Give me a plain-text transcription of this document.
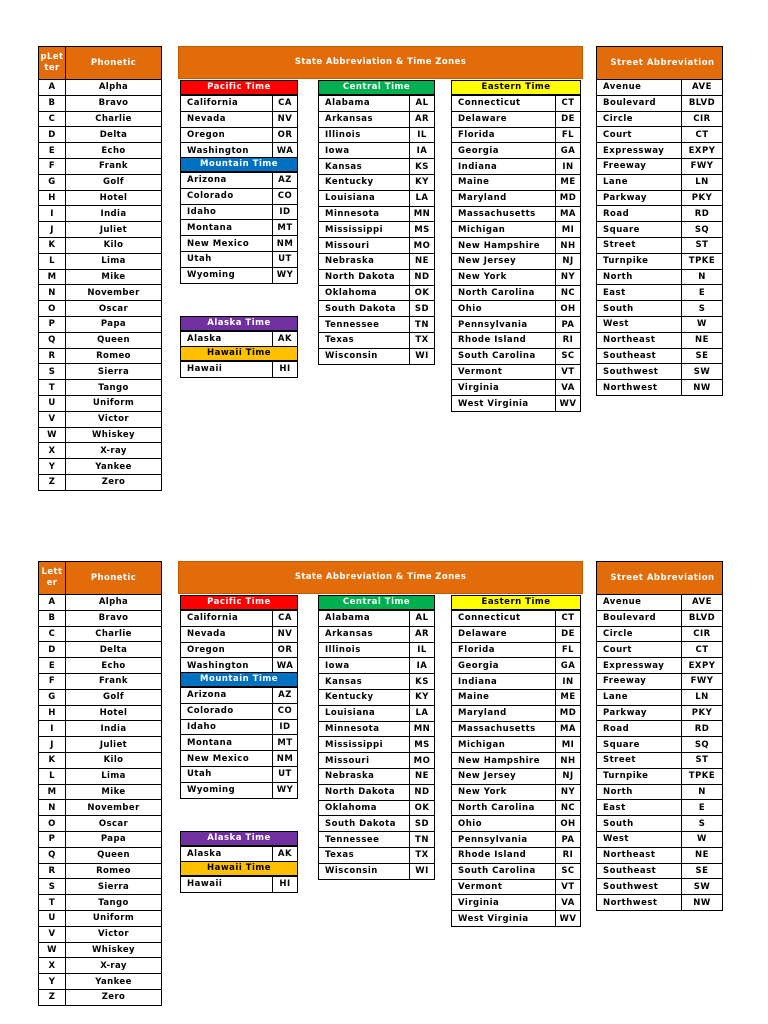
pLetter	Phonetic
A	Alpha
B	Bravo
C	Charlie
D	Delta
E	Echo
F	Frank
G	Golf
H	Hotel
I	India
J	Juliet
K	Kilo
L	Lima
M	Mike
N	November
O	Oscar
P	Papa
Q	Queen
R	Romeo
S	Sierra
T	Tango
U	Uniform
V	Victor
W	Whiskey
X	X-ray
Y	Yankee
Z	Zero
State Abbreviation & Time Zones
Pacific Time
California	CA
Nevada	NV
Oregon	OR
Washington	WA
Mountain Time
Arizona	AZ
Colorado	CO
Idaho	ID
Montana	MT
New Mexico	NM
Utah	UT
Wyoming	WY
Alaska Time
Alaska	AK
Hawaii Time
Hawaii	HI
Central Time
Alabama	AL
Arkansas	AR
Illinois	IL
Iowa	IA
Kansas	KS
Kentucky	KY
Louisiana	LA
Minnesota	MN
Mississippi	MS
Missouri	MO
Nebraska	NE
North Dakota	ND
Oklahoma	OK
South Dakota	SD
Tennessee	TN
Texas	TX
Wisconsin	WI
Eastern Time
Connecticut	CT
Delaware	DE
Florida	FL
Georgia	GA
Indiana	IN
Maine	ME
Maryland	MD
Massachusetts	MA
Michigan	MI
New Hampshire	NH
New Jersey	NJ
New York	NY
North Carolina	NC
Ohio	OH
Pennsylvania	PA
Rhode Island	RI
South Carolina	SC
Vermont	VT
Virginia	VA
West Virginia	WV
Street Abbreviation	
Avenue	AVE
Boulevard	BLVD
Circle	CIR
Court	CT
Expressway	EXPY
Freeway	FWY
Lane	LN
Parkway	PKY
Road	RD
Square	SQ
Street	ST
Turnpike	TPKE
North	N
East	E
South	S
West	W
Northeast	NE
Southeast	SE
Southwest	SW
Northwest	NW
Letter	Phonetic
A	Alpha
B	Bravo
C	Charlie
D	Delta
E	Echo
F	Frank
G	Golf
H	Hotel
I	India
J	Juliet
K	Kilo
L	Lima
M	Mike
N	November
O	Oscar
P	Papa
Q	Queen
R	Romeo
S	Sierra
T	Tango
U	Uniform
V	Victor
W	Whiskey
X	X-ray
Y	Yankee
Z	Zero
State Abbreviation & Time Zones
Pacific Time
California	CA
Nevada	NV
Oregon	OR
Washington	WA
Mountain Time
Arizona	AZ
Colorado	CO
Idaho	ID
Montana	MT
New Mexico	NM
Utah	UT
Wyoming	WY
Alaska Time
Alaska	AK
Hawaii Time
Hawaii	HI
Central Time
Alabama	AL
Arkansas	AR
Illinois	IL
Iowa	IA
Kansas	KS
Kentucky	KY
Louisiana	LA
Minnesota	MN
Mississippi	MS
Missouri	MO
Nebraska	NE
North Dakota	ND
Oklahoma	OK
South Dakota	SD
Tennessee	TN
Texas	TX
Wisconsin	WI
Eastern Time
Connecticut	CT
Delaware	DE
Florida	FL
Georgia	GA
Indiana	IN
Maine	ME
Maryland	MD
Massachusetts	MA
Michigan	MI
New Hampshire	NH
New Jersey	NJ
New York	NY
North Carolina	NC
Ohio	OH
Pennsylvania	PA
Rhode Island	RI
South Carolina	SC
Vermont	VT
Virginia	VA
West Virginia	WV
Street Abbreviation	
Avenue	AVE
Boulevard	BLVD
Circle	CIR
Court	CT
Expressway	EXPY
Freeway	FWY
Lane	LN
Parkway	PKY
Road	RD
Square	SQ
Street	ST
Turnpike	TPKE
North	N
East	E
South	S
West	W
Northeast	NE
Southeast	SE
Southwest	SW
Northwest	NW
